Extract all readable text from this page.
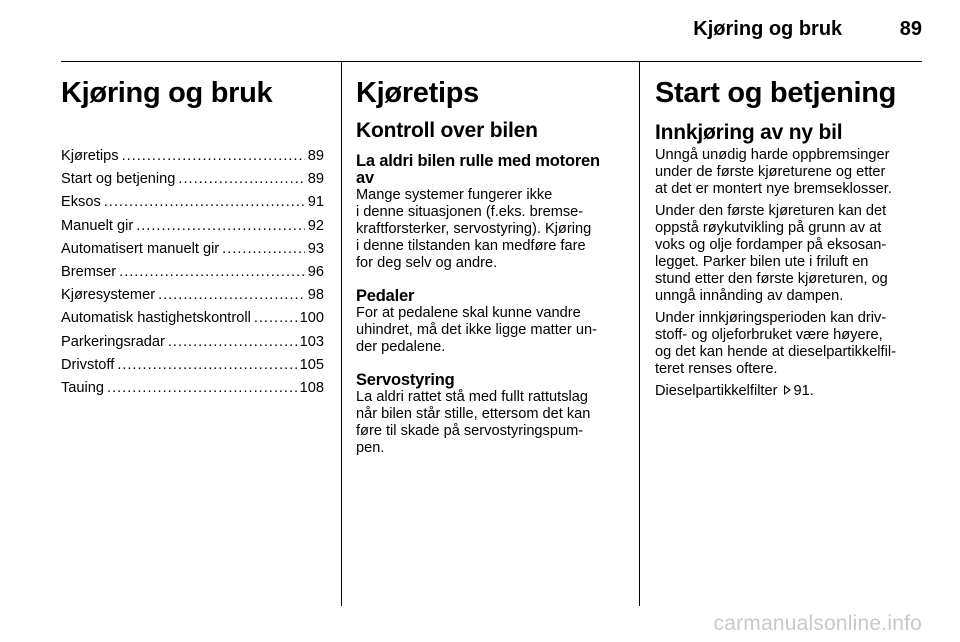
Kjøring og bruk	89
Kjøring og bruk
Kjøretips .....	89
Start og betjening .....	89
Eksos .....	91
Manuelt gir .....	92
Automatisert manuelt gir .....	93
Bremser .....	96
Kjøresystemer .....	98
Automatisk hastighetskontroll .....	100
Parkeringsradar .....	103
Drivstoff .....	105
Tauing .....	108
Kjøretips
Kontroll over bilen
La aldri bilen rulle med motoren
av
Mange systemer fungerer ikke
i denne situasjonen (f.eks. bremse-
kraftforsterker, servostyring). Kjøring
i denne tilstanden kan medføre fare
for deg selv og andre.
Pedaler
For at pedalene skal kunne vandre
uhindret, må det ikke ligge matter un-
der pedalene.
Servostyring
La aldri rattet stå med fullt rattutslag
når bilen står stille, ettersom det kan
føre til skade på servostyringspum-
pen.
Start og betjening
Innkjøring av ny bil
Unngå unødig harde oppbremsinger
under de første kjøreturene og etter
at det er montert nye bremseklosser.
Under den første kjøreturen kan det
oppstå røykutvikling på grunn av at
voks og olje fordamper på eksosan-
legget. Parker bilen ute i friluft en
stund etter den første kjøreturen, og
unngå innånding av dampen.
Under innkjøringsperioden kan driv-
stoff- og oljeforbruket være høyere,
og det kan hende at dieselpartikkelfil-
teret renses oftere.
Dieselpartikkelfilter 91.
carmanualsonline.info
